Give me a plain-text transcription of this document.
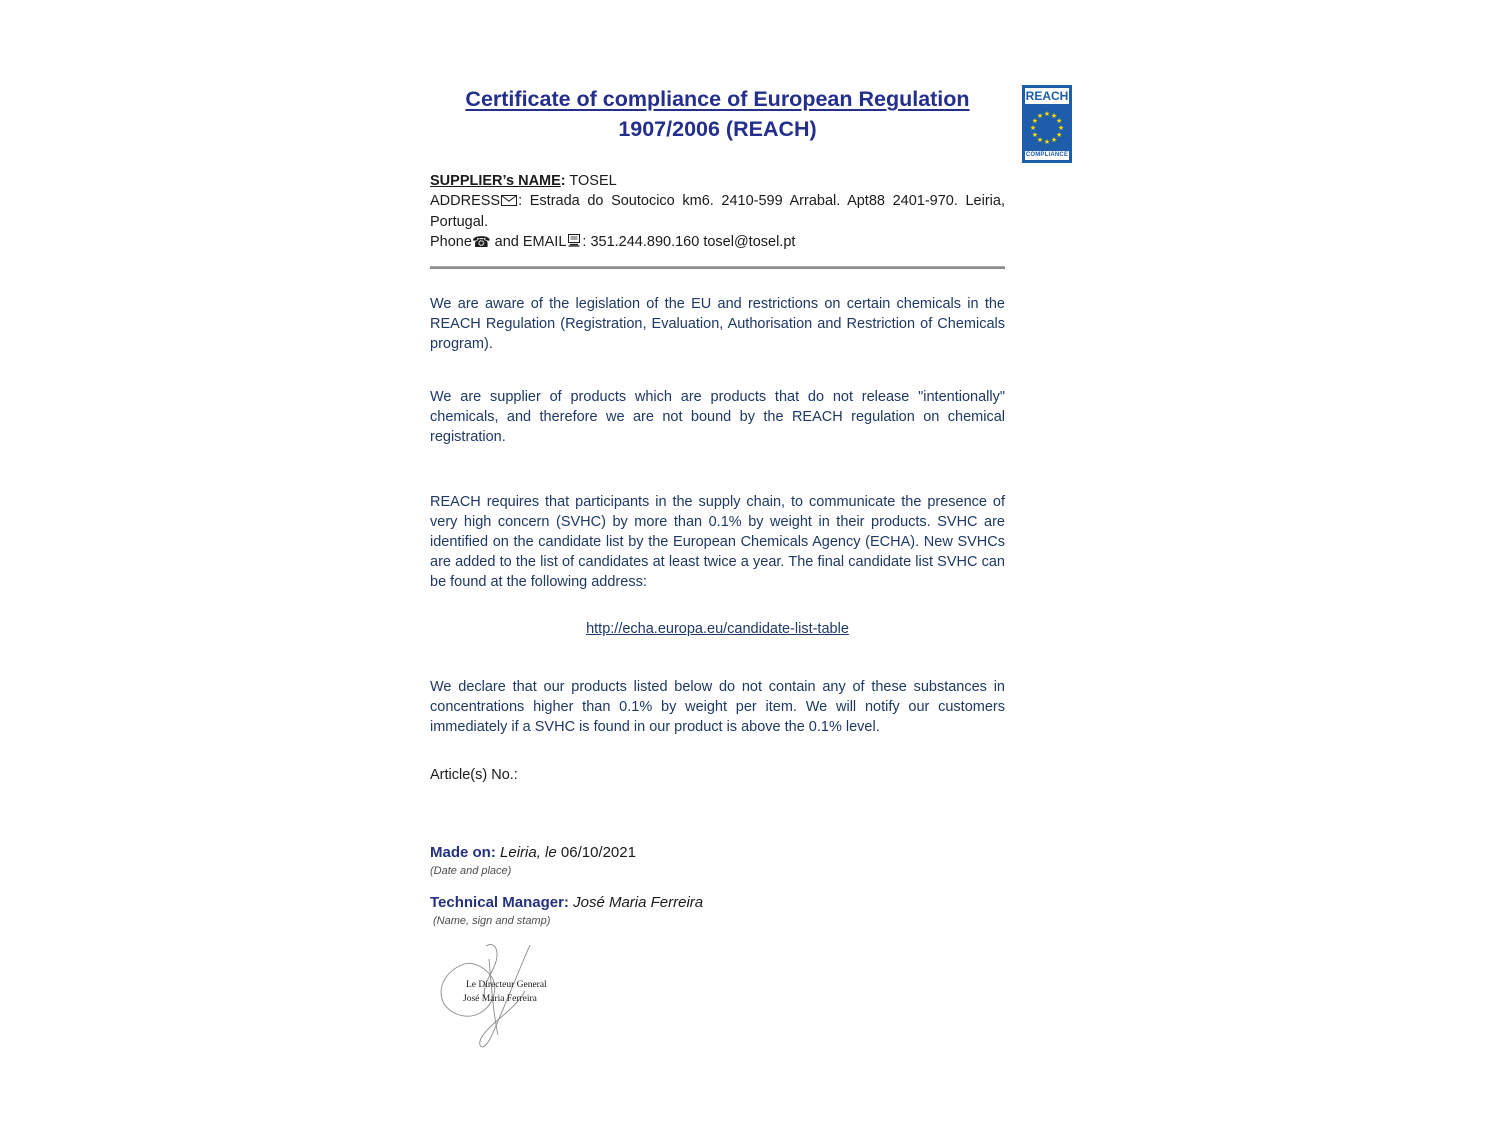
Certificate of compliance of European Regulation
1907/2006 (REACH)
SUPPLIER’s NAME: TOSEL
ADDRESS : Estrada do Soutocico km6. 2410-599 Arrabal. Apt88 2401-970. Leiria, Portugal.
Phone☎ and EMAIL : 351.244.890.160 tosel@tosel.pt
We are aware of the legislation of the EU and restrictions on certain chemicals in the REACH Regulation (Registration, Evaluation, Authorisation and Restriction of Chemicals program).
We are supplier of products which are products that do not release "intentionally" chemicals, and therefore we are not bound by the REACH regulation on chemical registration.
REACH requires that participants in the supply chain, to communicate the presence of very high concern (SVHC) by more than 0.1% by weight in their products. SVHC are identified on the candidate list by the European Chemicals Agency (ECHA). New SVHCs are added to the list of candidates at least twice a year. The final candidate list SVHC can be found at the following address:
http://echa.europa.eu/candidate-list-table
We declare that our products listed below do not contain any of these substances in concentrations higher than 0.1% by weight per item. We will notify our customers immediately if a SVHC is found in our product is above the 0.1% level.
Article(s) No.:
Made on: Leiria, le 06/10/2021
(Date and place)
Technical Manager: José Maria Ferreira
(Name, sign and stamp)
Le Directeur General
José Maria Ferreira
REACH
★ ★
★
★
★
★
★
★
★
★
★
★
COMPLIANCE
